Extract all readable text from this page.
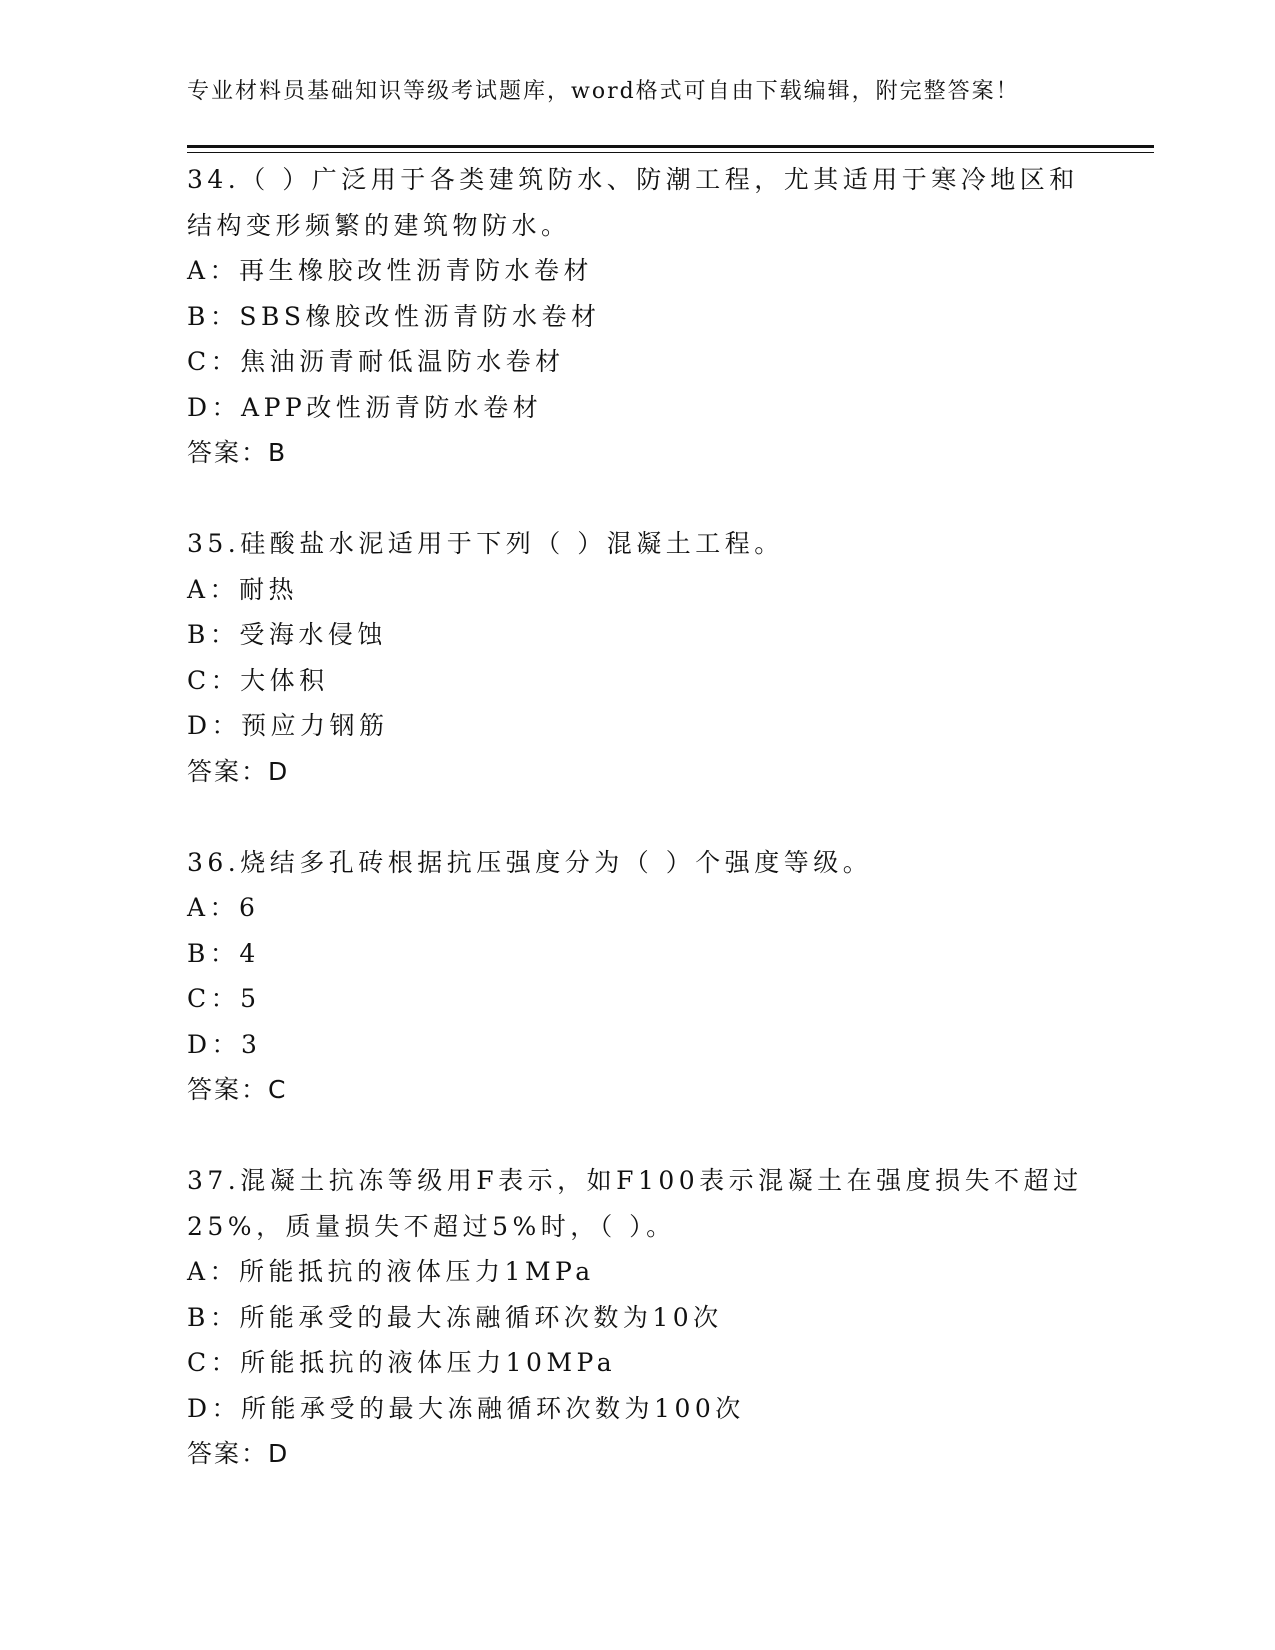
专业材料员基础知识等级考试题库，word格式可自由下载编辑，附完整答案！
34.（ ）广泛用于各类建筑防水、防潮工程，尤其适用于寒冷地区和
结构变形频繁的建筑物防水。
A：再生橡胶改性沥青防水卷材
B：SBS橡胶改性沥青防水卷材
C：焦油沥青耐低温防水卷材
D：APP改性沥青防水卷材
答案：B
35.硅酸盐水泥适用于下列（ ）混凝土工程。
A：耐热
B：受海水侵蚀
C：大体积
D：预应力钢筋
答案：D
36.烧结多孔砖根据抗压强度分为（ ）个强度等级。
A：6
B：4
C：5
D：3
答案：C
37.混凝土抗冻等级用F表示，如F100表示混凝土在强度损失不超过
25%，质量损失不超过5%时，（ ）。
A：所能抵抗的液体压力1MPa
B：所能承受的最大冻融循环次数为10次
C：所能抵抗的液体压力10MPa
D：所能承受的最大冻融循环次数为100次
答案：D
